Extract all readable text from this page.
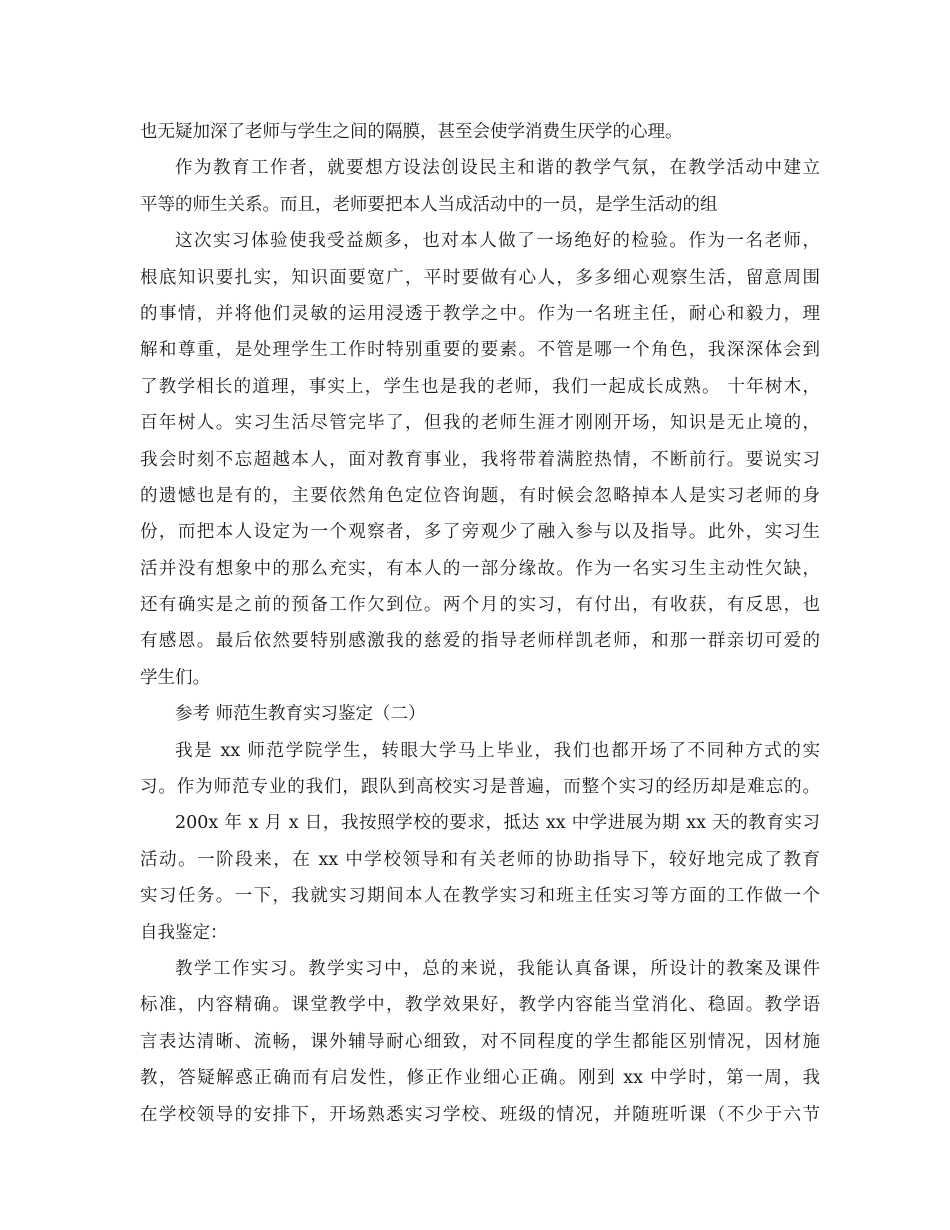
也无疑加深了老师与学生之间的隔膜，甚至会使学消费生厌学的心理。
作为教育工作者，就要想方设法创设民主和谐的教学气氛，在教学活动中建立
平等的师生关系。而且，老师要把本人当成活动中的一员，是学生活动的组
这次实习体验使我受益颇多，也对本人做了一场绝好的检验。作为一名老师，
根底知识要扎实，知识面要宽广，平时要做有心人，多多细心观察生活，留意周围
的事情，并将他们灵敏的运用浸透于教学之中。作为一名班主任，耐心和毅力，理
解和尊重，是处理学生工作时特别重要的要素。不管是哪一个角色，我深深体会到
了教学相长的道理，事实上，学生也是我的老师，我们一起成长成熟。 十年树木，
百年树人。实习生活尽管完毕了，但我的老师生涯才刚刚开场，知识是无止境的，
我会时刻不忘超越本人，面对教育事业，我将带着满腔热情，不断前行。要说实习
的遗憾也是有的，主要依然角色定位咨询题，有时候会忽略掉本人是实习老师的身
份，而把本人设定为一个观察者，多了旁观少了融入参与以及指导。此外，实习生
活并没有想象中的那么充实，有本人的一部分缘故。作为一名实习生主动性欠缺，
还有确实是之前的预备工作欠到位。两个月的实习，有付出，有收获，有反思，也
有感恩。最后依然要特别感激我的慈爱的指导老师样凯老师，和那一群亲切可爱的
学生们。
参考 师范生教育实习鉴定（二）
我是 xx 师范学院学生，转眼大学马上毕业，我们也都开场了不同种方式的实
习。作为师范专业的我们，跟队到高校实习是普遍，而整个实习的经历却是难忘的。
200x 年 x 月 x 日，我按照学校的要求，抵达 xx 中学进展为期 xx 天的教育实习
活动。一阶段来，在 xx 中学校领导和有关老师的协助指导下，较好地完成了教育
实习任务。一下，我就实习期间本人在教学实习和班主任实习等方面的工作做一个
自我鉴定：
教学工作实习。教学实习中，总的来说，我能认真备课，所设计的教案及课件
标准，内容精确。课堂教学中，教学效果好，教学内容能当堂消化、稳固。教学语
言表达清晰、流畅，课外辅导耐心细致，对不同程度的学生都能区别情况，因材施
教，答疑解惑正确而有启发性，修正作业细心正确。刚到 xx 中学时，第一周，我
在学校领导的安排下，开场熟悉实习学校、班级的情况，并随班听课（不少于六节
